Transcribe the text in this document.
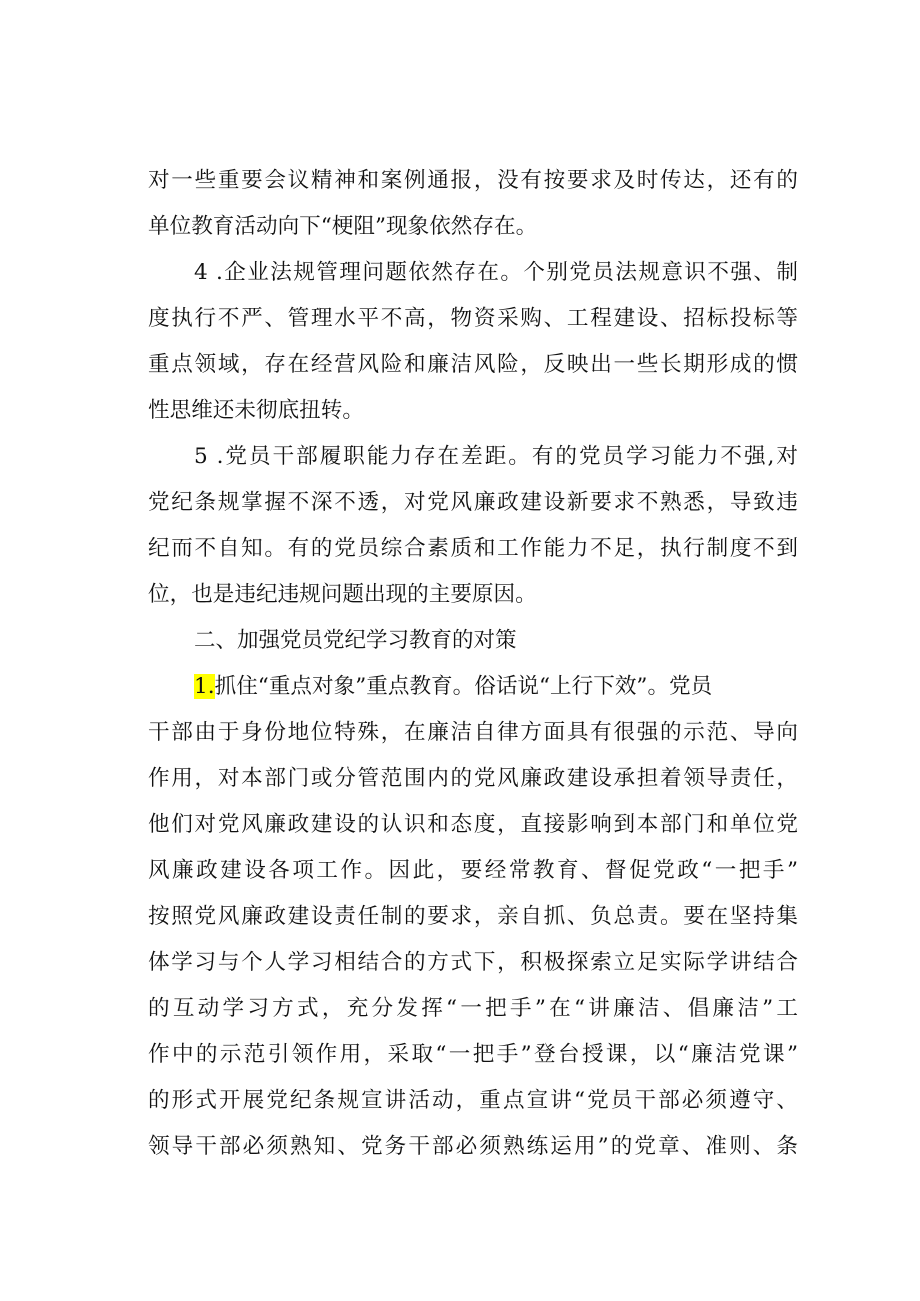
对一些重要会议精神和案例通报，没有按要求及时传达，还有的
单位教育活动向下“梗阻”现象依然存在。
4 .企业法规管理问题依然存在。个别党员法规意识不强、制
度执行不严、管理水平不高，物资采购、工程建设、招标投标等
重点领域，存在经营风险和廉洁风险，反映出一些长期形成的惯
性思维还未彻底扭转。
5 .党员干部履职能力存在差距。有的党员学习能力不强,对
党纪条规掌握不深不透，对党风廉政建设新要求不熟悉，导致违
纪而不自知。有的党员综合素质和工作能力不足，执行制度不到
位，也是违纪违规问题出现的主要原因。
二、加强党员党纪学习教育的对策
1.抓住“重点对象”重点教育。俗话说“上行下效”。党员
干部由于身份地位特殊，在廉洁自律方面具有很强的示范、导向
作用，对本部门或分管范围内的党风廉政建设承担着领导责任，
他们对党风廉政建设的认识和态度，直接影响到本部门和单位党
风廉政建设各项工作。因此，要经常教育、督促党政“一把手”
按照党风廉政建设责任制的要求，亲自抓、负总责。要在坚持集
体学习与个人学习相结合的方式下，积极探索立足实际学讲结合
的互动学习方式，充分发挥“一把手”在“讲廉洁、倡廉洁”工
作中的示范引领作用，采取“一把手”登台授课，以“廉洁党课”
的形式开展党纪条规宣讲活动，重点宣讲“党员干部必须遵守、
领导干部必须熟知、党务干部必须熟练运用”的党章、准则、条
